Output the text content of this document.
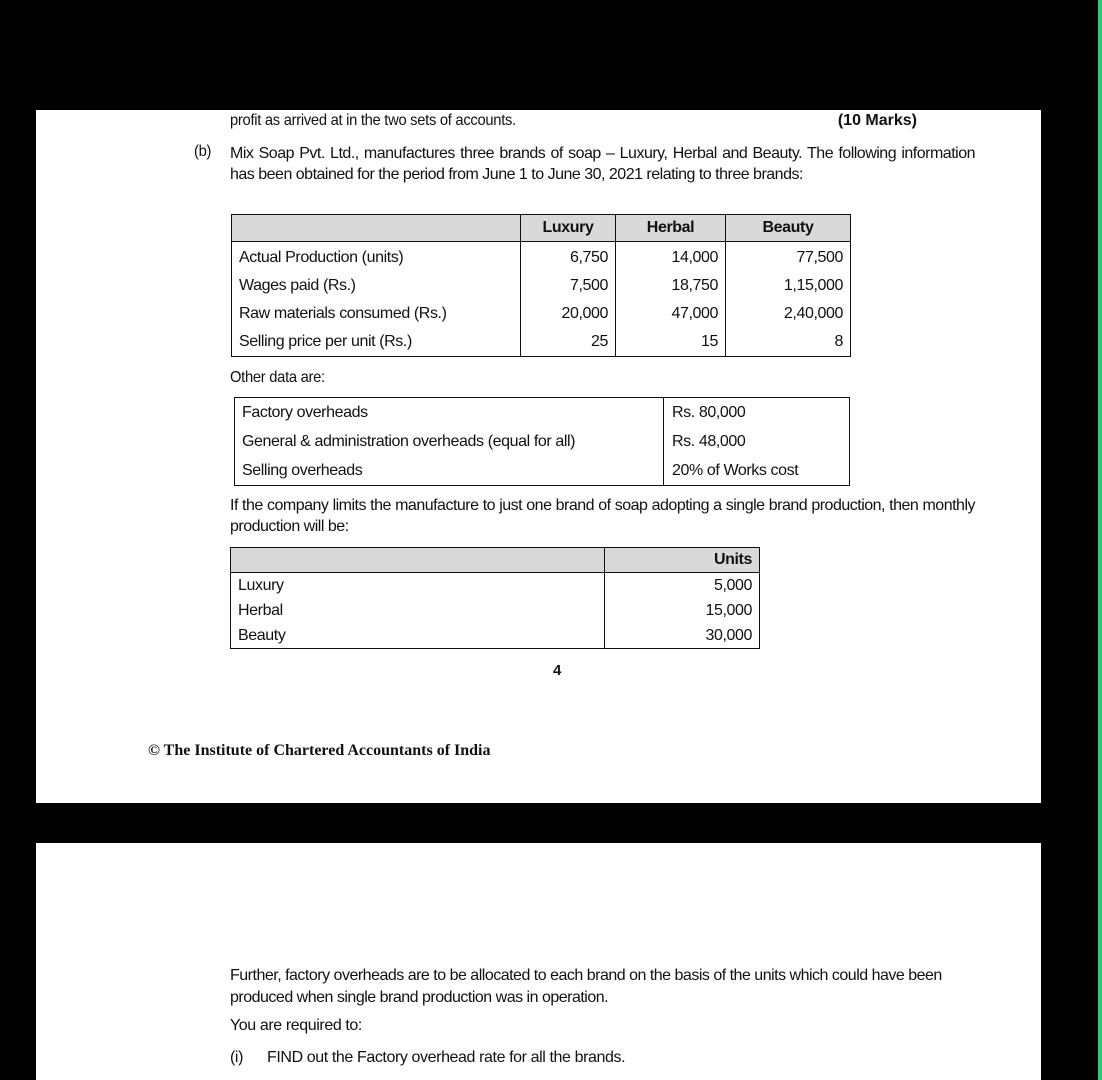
profit as arrived at in the two sets of accounts.	(10 Marks)
(b) Mix Soap Pvt. Ltd., manufactures three brands of soap – Luxury, Herbal and Beauty. The following information has been obtained for the period from June 1 to June 30, 2021 relating to three brands:
	Luxury	Herbal	Beauty
Actual Production (units)	6,750	14,000	77,500
Wages paid (Rs.)	7,500	18,750	1,15,000
Raw materials consumed (Rs.)	20,000	47,000	2,40,000
Selling price per unit (Rs.)	25	15	8
Other data are:
Factory overheads	Rs. 80,000
General & administration overheads (equal for all)	Rs. 48,000
Selling overheads	20% of Works cost
If the company limits the manufacture to just one brand of soap adopting a single brand production, then monthly production will be:
	Units
Luxury	5,000
Herbal	15,000
Beauty	30,000
4
© The Institute of Chartered Accountants of India
Further, factory overheads are to be allocated to each brand on the basis of the units which could have been produced when single brand production was in operation.
You are required to:
(i) FIND out the Factory overhead rate for all the brands.
